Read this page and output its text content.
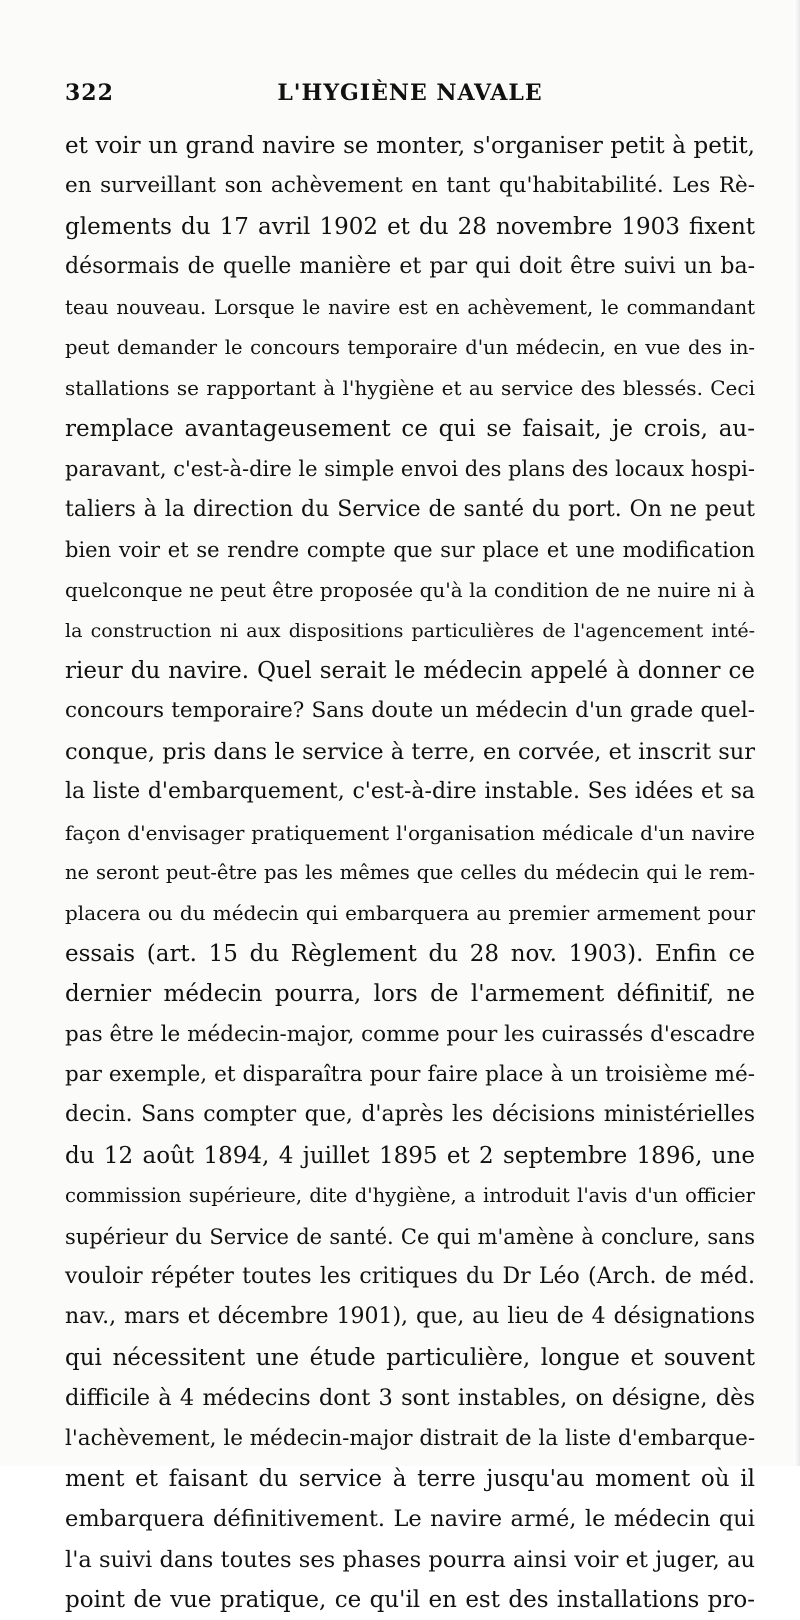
322	L'HYGIÈNE NAVALE
et voir un grand navire se monter, s'organiser petit à petit,
en surveillant son achèvement en tant qu'habitabilité. Les Rè-
glements du 17 avril 1902 et du 28 novembre 1903 fixent
désormais de quelle manière et par qui doit être suivi un ba-
teau nouveau. Lorsque le navire est en achèvement, le commandant
peut demander le concours temporaire d'un médecin, en vue des in-
stallations se rapportant à l'hygiène et au service des blessés. Ceci
remplace avantageusement ce qui se faisait, je crois, au-
paravant, c'est-à-dire le simple envoi des plans des locaux hospi-
taliers à la direction du Service de santé du port. On ne peut
bien voir et se rendre compte que sur place et une modification
quelconque ne peut être proposée qu'à la condition de ne nuire ni à
la construction ni aux dispositions particulières de l'agencement inté-
rieur du navire. Quel serait le médecin appelé à donner ce
concours temporaire? Sans doute un médecin d'un grade quel-
conque, pris dans le service à terre, en corvée, et inscrit sur
la liste d'embarquement, c'est-à-dire instable. Ses idées et sa
façon d'envisager pratiquement l'organisation médicale d'un navire
ne seront peut-être pas les mêmes que celles du médecin qui le rem-
placera ou du médecin qui embarquera au premier armement pour
essais (art. 15 du Règlement du 28 nov. 1903). Enfin ce
dernier médecin pourra, lors de l'armement définitif, ne
pas être le médecin-major, comme pour les cuirassés d'escadre
par exemple, et disparaîtra pour faire place à un troisième mé-
decin. Sans compter que, d'après les décisions ministérielles
du 12 août 1894, 4 juillet 1895 et 2 septembre 1896, une
commission supérieure, dite d'hygiène, a introduit l'avis d'un officier
supérieur du Service de santé. Ce qui m'amène à conclure, sans
vouloir répéter toutes les critiques du Dr Léo (Arch. de méd.
nav., mars et décembre 1901), que, au lieu de 4 désignations
qui nécessitent une étude particulière, longue et souvent
difficile à 4 médecins dont 3 sont instables, on désigne, dès
l'achèvement, le médecin-major distrait de la liste d'embarque-
ment et faisant du service à terre jusqu'au moment où il
embarquera définitivement. Le navire armé, le médecin qui
l'a suivi dans toutes ses phases pourra ainsi voir et juger, au
point de vue pratique, ce qu'il en est des installations pro-
